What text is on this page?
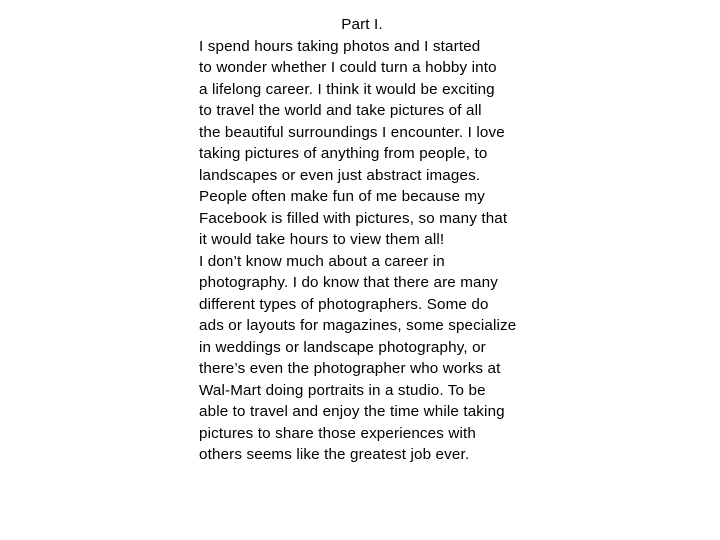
Part I.
I spend hours taking photos and I started
to wonder whether I could turn a hobby into
a lifelong career. I think it would be exciting
to travel the world and take pictures of all
the beautiful surroundings I encounter. I love
taking pictures of anything from people, to
landscapes or even just abstract images.
People often make fun of me because my
Facebook is filled with pictures, so many that
it would take hours to view them all!
I don’t know much about a career in
photography. I do know that there are many
different types of photographers. Some do
ads or layouts for magazines, some specialize
in weddings or landscape photography, or
there’s even the photographer who works at
Wal-Mart doing portraits in a studio. To be
able to travel and enjoy the time while taking
pictures to share those experiences with
others seems like the greatest job ever.
